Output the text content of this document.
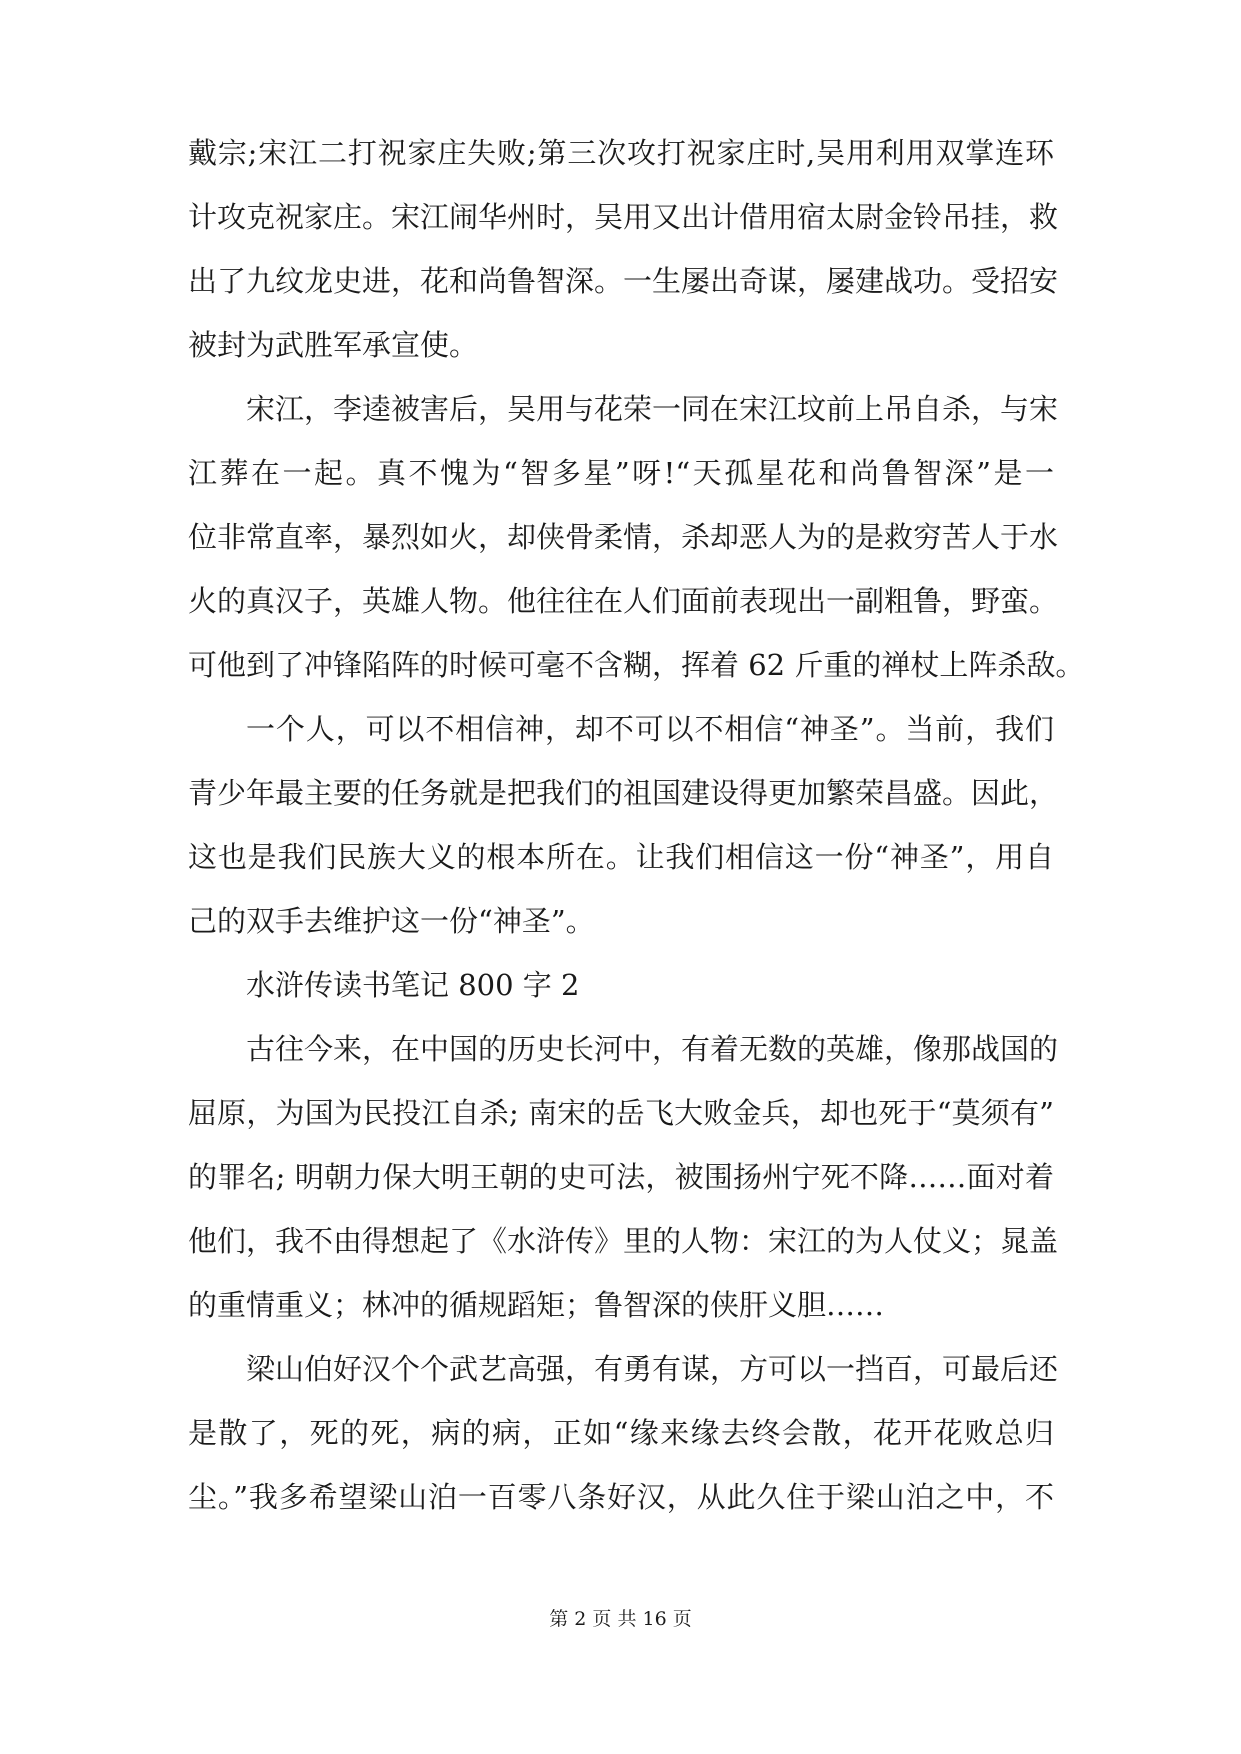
戴宗;宋江二打祝家庄失败;第三次攻打祝家庄时,吴用利用双掌连环
计攻克祝家庄。宋江闹华州时，吴用又出计借用宿太尉金铃吊挂，救
出了九纹龙史进，花和尚鲁智深。一生屡出奇谋，屡建战功。受招安
被封为武胜军承宣使。
宋江，李逵被害后，吴用与花荣一同在宋江坟前上吊自杀，与宋
江葬在一起。真不愧为“智多星”呀!“天孤星花和尚鲁智深”是一
位非常直率，暴烈如火，却侠骨柔情，杀却恶人为的是救穷苦人于水
火的真汉子，英雄人物。他往往在人们面前表现出一副粗鲁，野蛮。
可他到了冲锋陷阵的时候可毫不含糊，挥着 62 斤重的禅杖上阵杀敌。
一个人，可以不相信神，却不可以不相信“神圣”。当前，我们
青少年最主要的任务就是把我们的祖国建设得更加繁荣昌盛。因此，
这也是我们民族大义的根本所在。让我们相信这一份“神圣”，用自
己的双手去维护这一份“神圣”。
水浒传读书笔记 800 字 2
古往今来，在中国的历史长河中，有着无数的英雄，像那战国的
屈原，为国为民投江自杀; 南宋的岳飞大败金兵，却也死于“莫须有”
的罪名; 明朝力保大明王朝的史可法，被围扬州宁死不降……面对着
他们，我不由得想起了《水浒传》里的人物：宋江的为人仗义；晁盖
的重情重义；林冲的循规蹈矩；鲁智深的侠肝义胆……
梁山伯好汉个个武艺高强，有勇有谋，方可以一挡百，可最后还
是散了，死的死，病的病，正如“缘来缘去终会散，花开花败总归
尘。”我多希望梁山泊一百零八条好汉，从此久住于梁山泊之中，不
第 2 页 共 16 页
